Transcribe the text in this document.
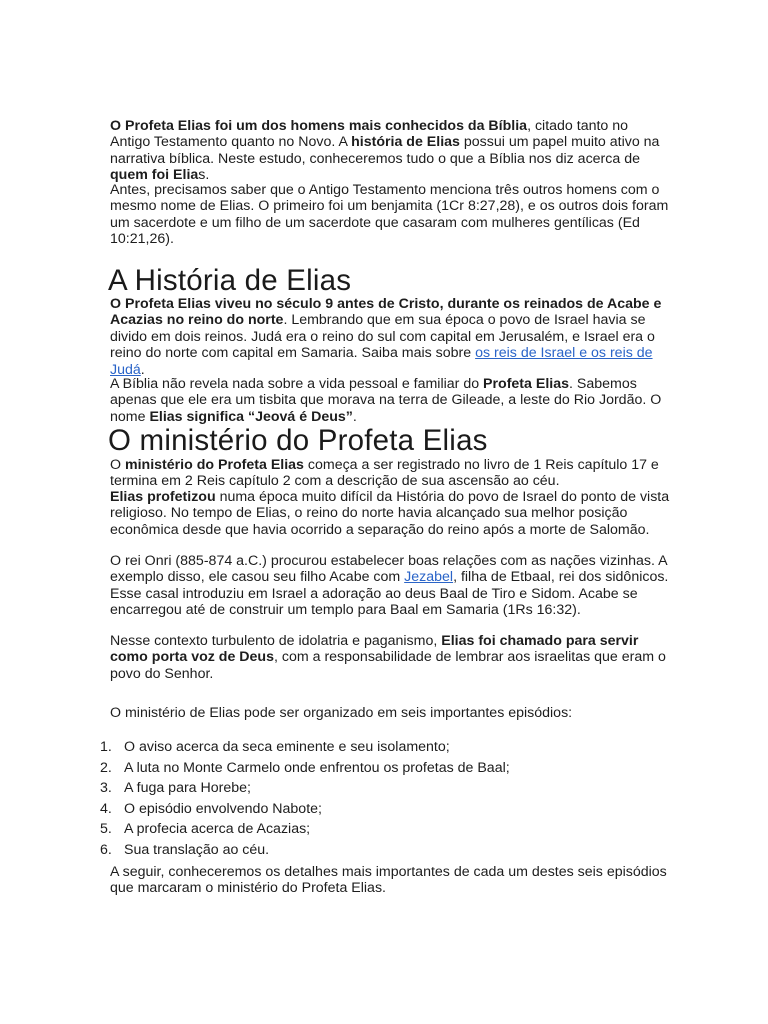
O Profeta Elias foi um dos homens mais conhecidos da Bíblia, citado tanto no Antigo Testamento quanto no Novo. A história de Elias possui um papel muito ativo na narrativa bíblica. Neste estudo, conheceremos tudo o que a Bíblia nos diz acerca de quem foi Elias.
Antes, precisamos saber que o Antigo Testamento menciona três outros homens com o mesmo nome de Elias. O primeiro foi um benjamita (1Cr 8:27,28), e os outros dois foram um sacerdote e um filho de um sacerdote que casaram com mulheres gentílicas (Ed 10:21,26).
A História de Elias
O Profeta Elias viveu no século 9 antes de Cristo, durante os reinados de Acabe e Acazias no reino do norte. Lembrando que em sua época o povo de Israel havia se divido em dois reinos. Judá era o reino do sul com capital em Jerusalém, e Israel era o reino do norte com capital em Samaria. Saiba mais sobre os reis de Israel e os reis de Judá.
A Bíblia não revela nada sobre a vida pessoal e familiar do Profeta Elias. Sabemos apenas que ele era um tisbita que morava na terra de Gileade, a leste do Rio Jordão. O nome Elias significa “Jeová é Deus”.
O ministério do Profeta Elias
O ministério do Profeta Elias começa a ser registrado no livro de 1 Reis capítulo 17 e termina em 2 Reis capítulo 2 com a descrição de sua ascensão ao céu.
Elias profetizou numa época muito difícil da História do povo de Israel do ponto de vista religioso. No tempo de Elias, o reino do norte havia alcançado sua melhor posição econômica desde que havia ocorrido a separação do reino após a morte de Salomão.
O rei Onri (885-874 a.C.) procurou estabelecer boas relações com as nações vizinhas. A exemplo disso, ele casou seu filho Acabe com Jezabel, filha de Etbaal, rei dos sidônicos. Esse casal introduziu em Israel a adoração ao deus Baal de Tiro e Sidom. Acabe se encarregou até de construir um templo para Baal em Samaria (1Rs 16:32).
Nesse contexto turbulento de idolatria e paganismo, Elias foi chamado para servir como porta voz de Deus, com a responsabilidade de lembrar aos israelitas que eram o povo do Senhor.
O ministério de Elias pode ser organizado em seis importantes episódios:
1. O aviso acerca da seca eminente e seu isolamento;
2. A luta no Monte Carmelo onde enfrentou os profetas de Baal;
3. A fuga para Horebe;
4. O episódio envolvendo Nabote;
5. A profecia acerca de Acazias;
6. Sua translação ao céu.
A seguir, conheceremos os detalhes mais importantes de cada um destes seis episódios que marcaram o ministério do Profeta Elias.
